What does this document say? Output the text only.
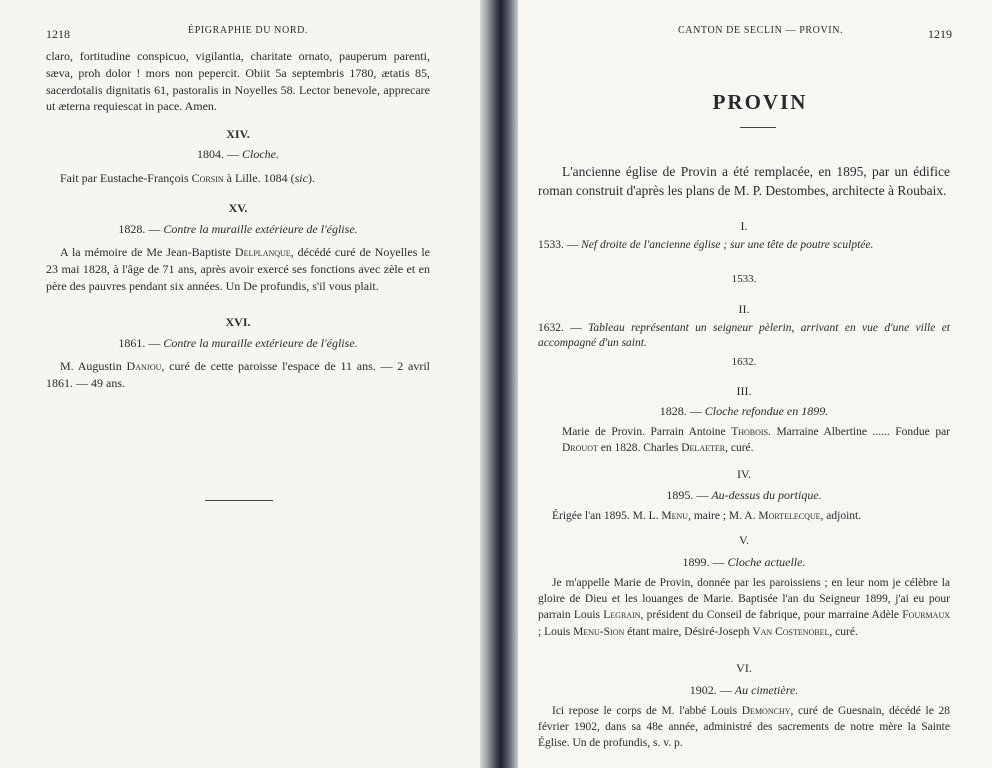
1218	ÉPIGRAPHIE DU NORD.
claro, fortitudine conspicuo, vigilantia, charitate ornato, pauperum parenti, sæva, proh dolor ! mors non pepercit. Obiit 5a septembris 1780, ætatis 85, sacerdotalis dignitatis 61, pastoralis in Noyelles 58. Lector benevole, apprecare ut æterna requiescat in pace. Amen.
XIV.
1804. — Cloche.

Fait par Eustache-François Corsin à Lille. 1084 (sic).

XV.
1828. — Contre la muraille extérieure de l'église.

A la mémoire de Me Jean-Baptiste Delplanque, décédé curé de Noyelles le 23 mai 1828, à l'âge de 71 ans, après avoir exercé ses fonctions avec zèle et en père des pauvres pendant six années. Un De profundis, s'il vous plait.

XVI.
1861. — Contre la muraille extérieure de l'église.

M. Augustin Danjou, curé de cette paroisse l'espace de 11 ans. — 2 avril 1861. — 49 ans.

CANTON DE SECLIN — PROVIN.	1219
PROVIN

L'ancienne église de Provin a été remplacée, en 1895, par un édifice roman construit d'après les plans de M. P. Destombes, architecte à Roubaix.

I.
1533. — Nef droite de l'ancienne église ; sur une tête de poutre sculptée.
1533.
II.
1632. — Tableau représentant un seigneur pèlerin, arrivant en vue d'une ville et accompagné d'un saint.
1632.
III.
1828. — Cloche refondue en 1899.

Marie de Provin. Parrain Antoine Thobois. Marraine Albertine ...... Fondue par Drouot en 1828. Charles Delaeter, curé.

IV.
1895. — Au-dessus du portique.

Érigée l'an 1895. M. L. Menu, maire ; M. A. Mortelecque, adjoint.

V.
1899. — Cloche actuelle.

Je m'appelle Marie de Provin, donnée par les paroissiens ; en leur nom je célèbre la gloire de Dieu et les louanges de Marie. Baptisée l'an du Seigneur 1899, j'ai eu pour parrain Louis Legrain, président du Conseil de fabrique, pour marraine Adèle Fourmaux ; Louis Menu-Sion étant maire, Désiré-Joseph Van Costenobel, curé.

VI.
1902. — Au cimetière.

Ici repose le corps de M. l'abbé Louis Demonchy, curé de Guesnain, décédé le 28 février 1902, dans sa 48e année, administré des sacrements de notre mère la Sainte Église. Un de profundis, s. v. p.
